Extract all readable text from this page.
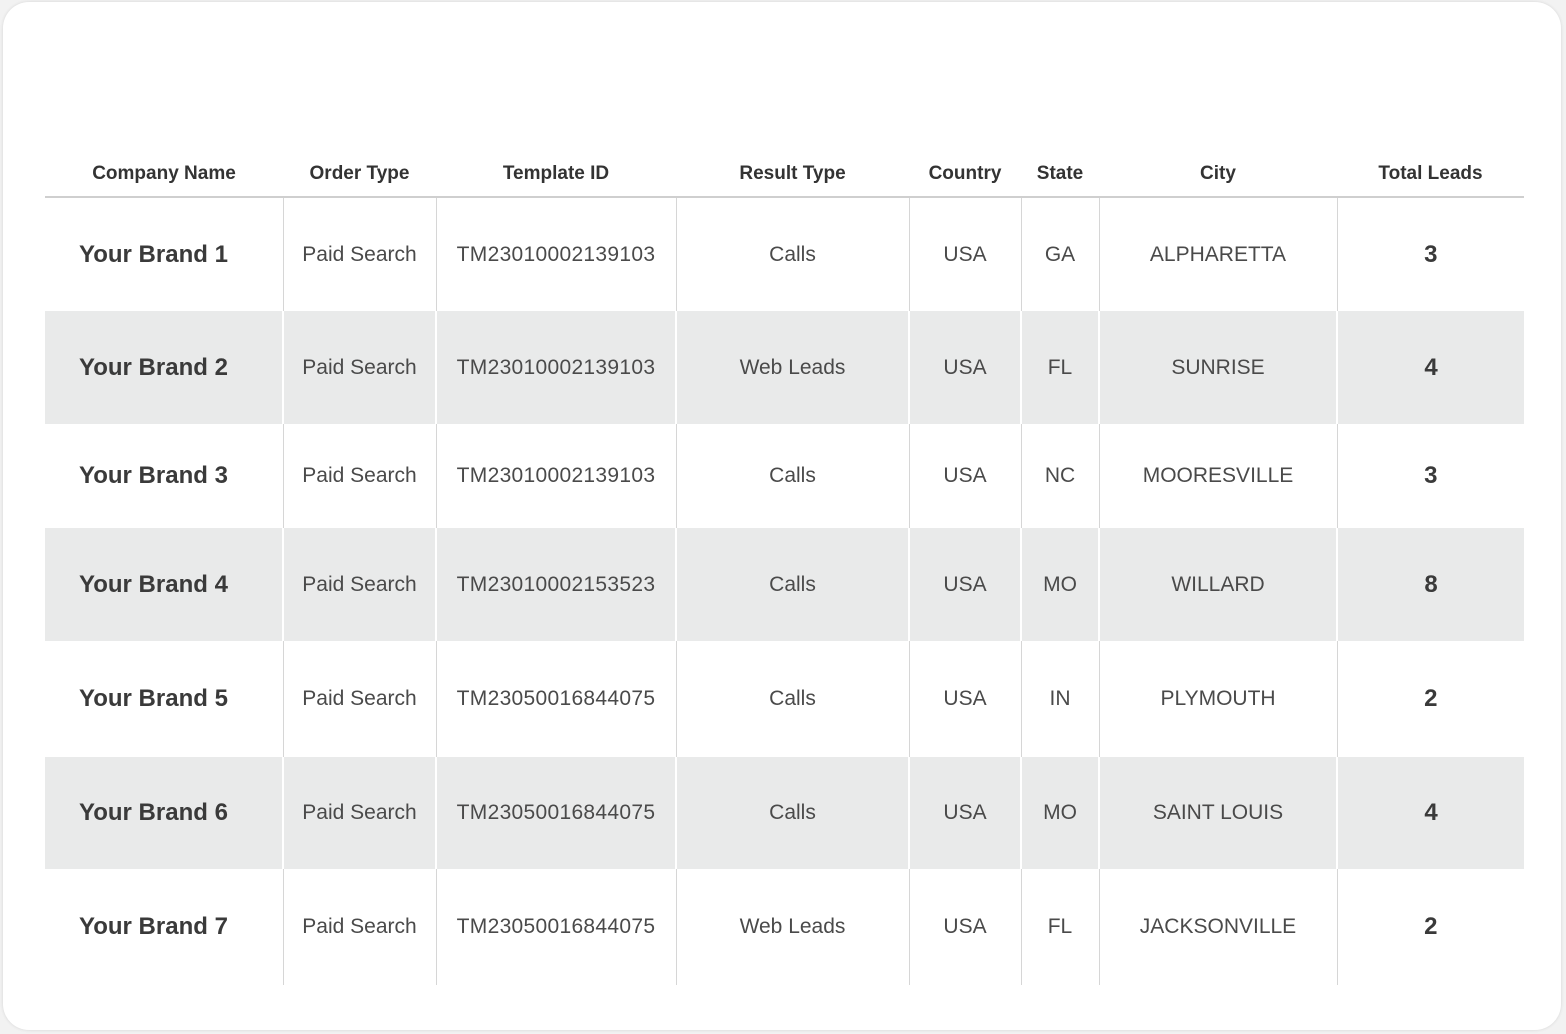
Company Name	Order Type	Template ID	Result Type	Country	State	City	Total Leads
Your Brand 1	Paid Search	TM23010002139103	Calls	USA	GA	ALPHARETTA	3
Your Brand 2	Paid Search	TM23010002139103	Web Leads	USA	FL	SUNRISE	4
Your Brand 3	Paid Search	TM23010002139103	Calls	USA	NC	MOORESVILLE	3
Your Brand 4	Paid Search	TM23010002153523	Calls	USA	MO	WILLARD	8
Your Brand 5	Paid Search	TM23050016844075	Calls	USA	IN	PLYMOUTH	2
Your Brand 6	Paid Search	TM23050016844075	Calls	USA	MO	SAINT LOUIS	4
Your Brand 7	Paid Search	TM23050016844075	Web Leads	USA	FL	JACKSONVILLE	2
